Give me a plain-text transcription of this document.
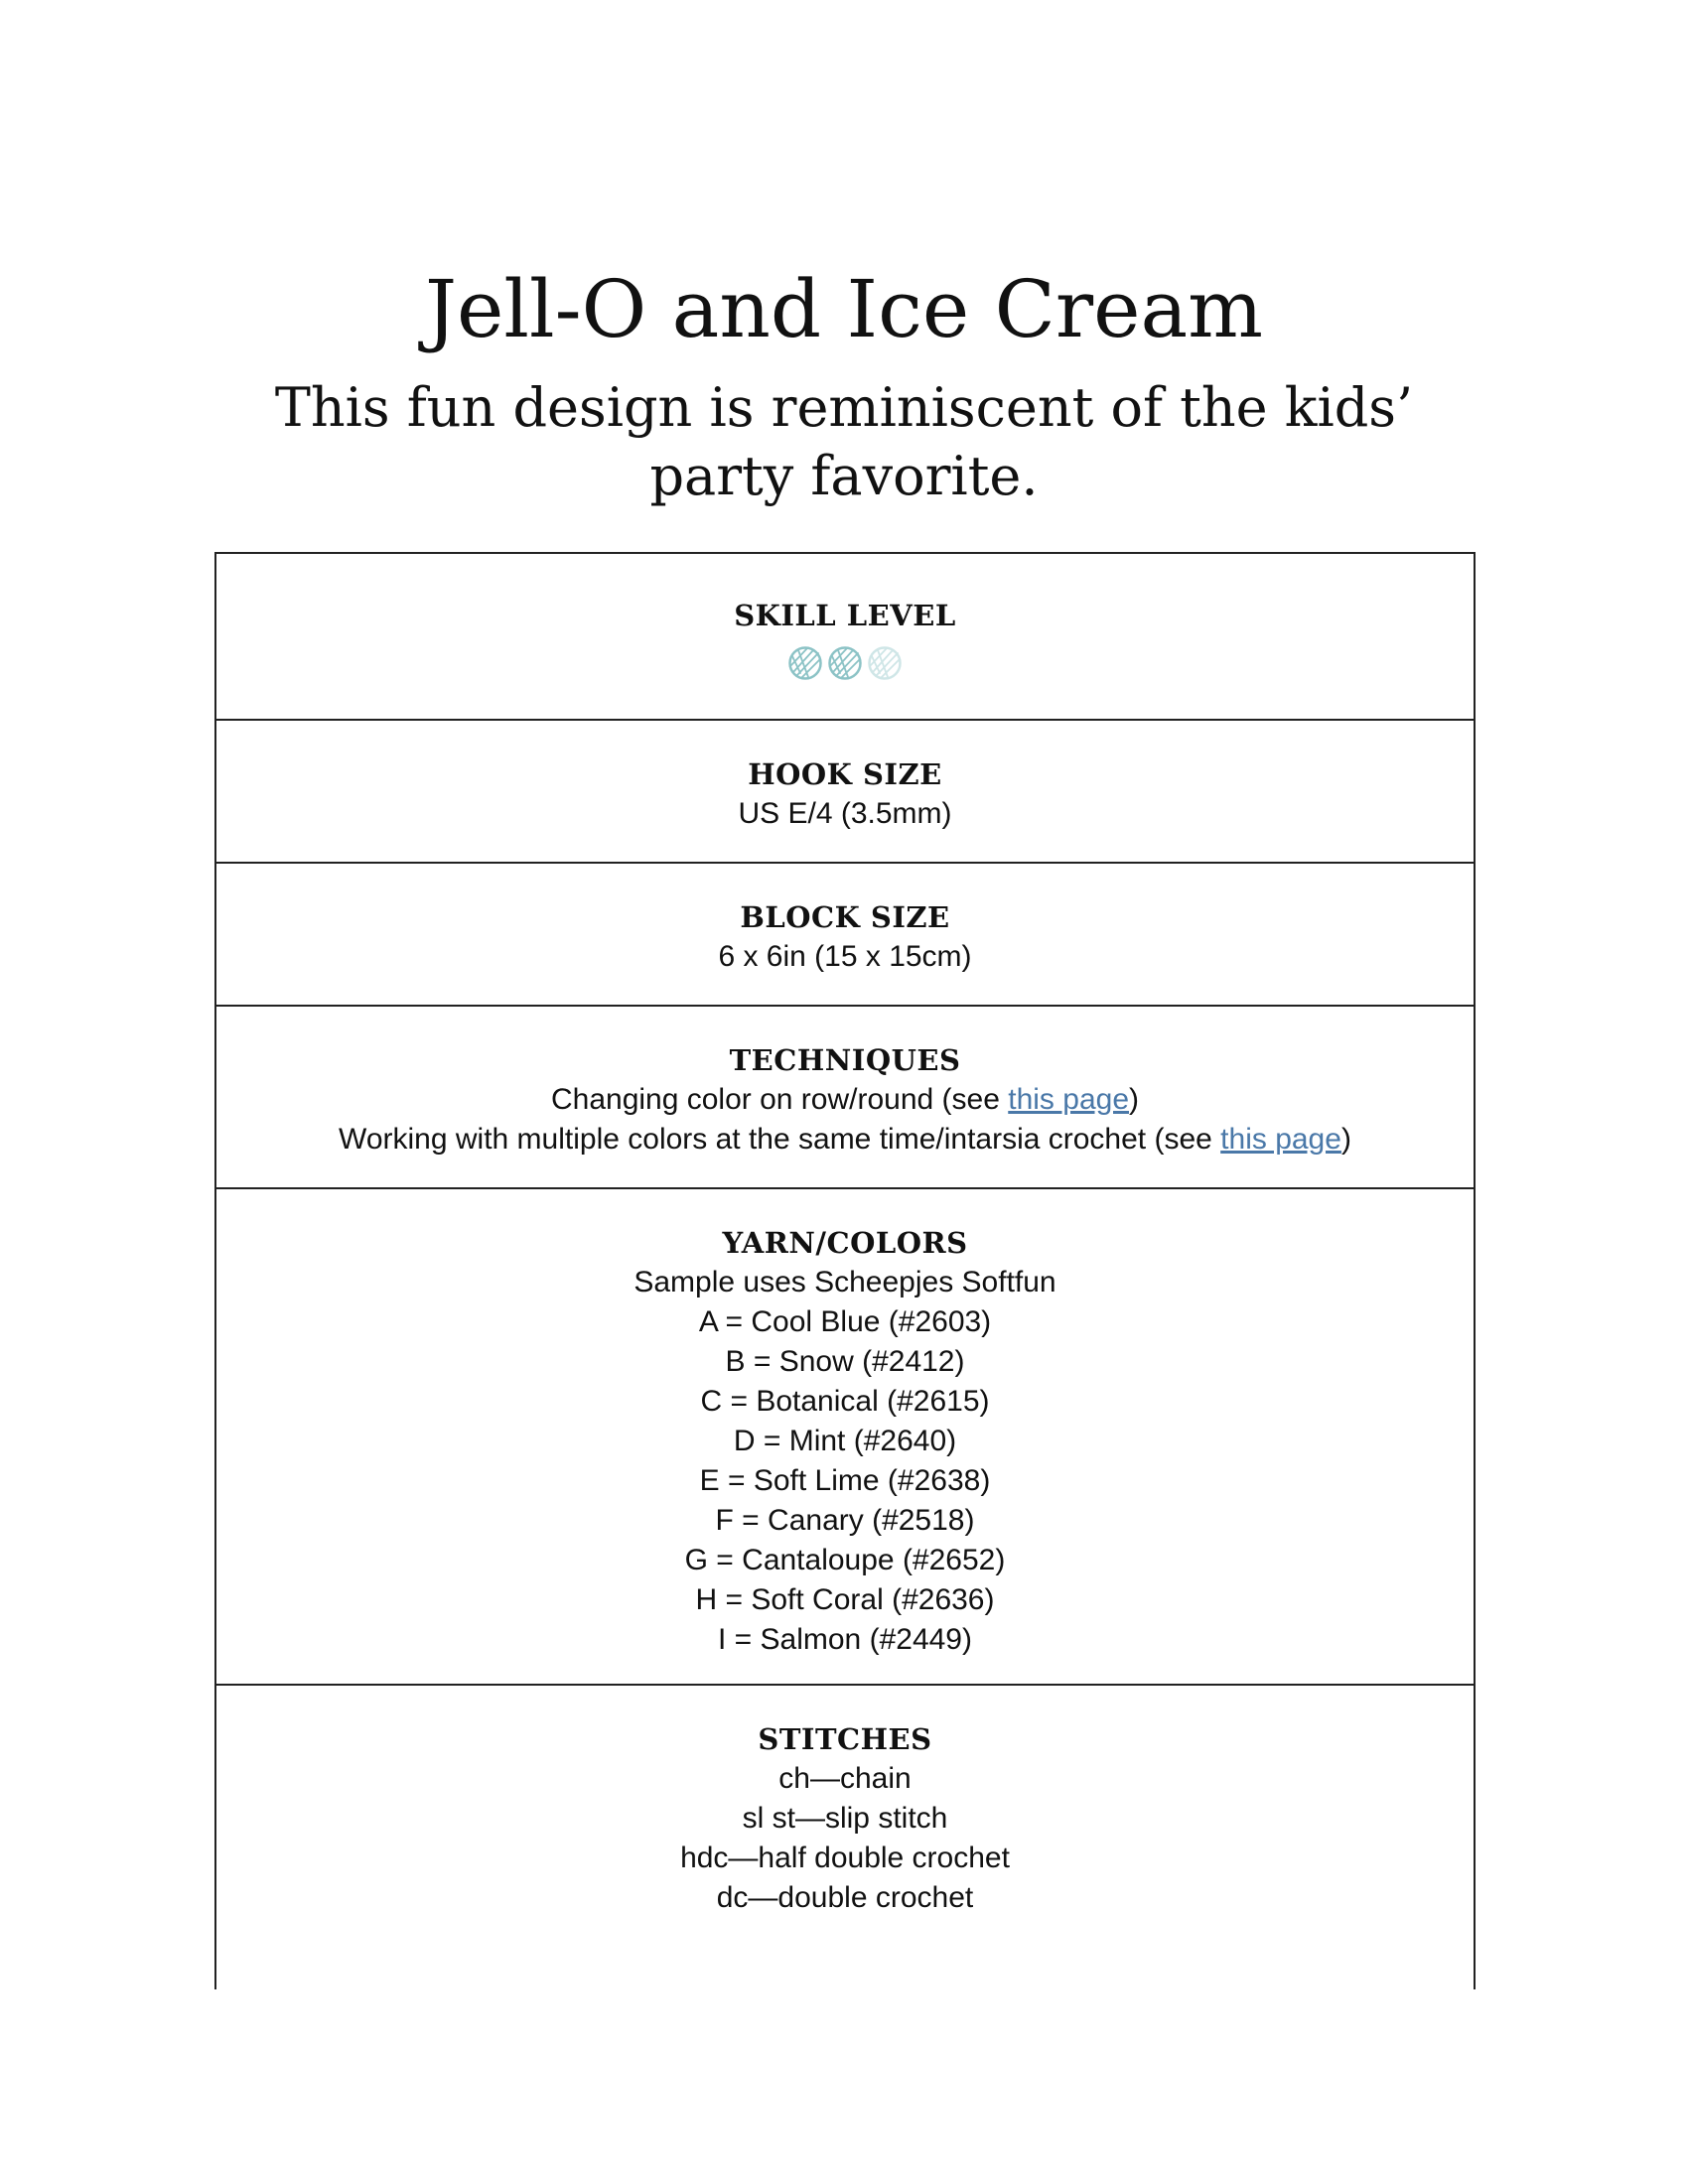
Jell-O and Ice Cream
This fun design is reminiscent of the kids’ party favorite.
SKILL LEVEL
HOOK SIZE
US E/4 (3.5mm)
BLOCK SIZE
6 x 6in (15 x 15cm)
TECHNIQUES
Changing color on row/round (see this page)
Working with multiple colors at the same time/intarsia crochet (see this page)
YARN/COLORS
Sample uses Scheepjes Softfun
A = Cool Blue (#2603)
B = Snow (#2412)
C = Botanical (#2615)
D = Mint (#2640)
E = Soft Lime (#2638)
F = Canary (#2518)
G = Cantaloupe (#2652)
H = Soft Coral (#2636)
I = Salmon (#2449)
STITCHES
ch—chain
sl st—slip stitch
hdc—half double crochet
dc—double crochet
